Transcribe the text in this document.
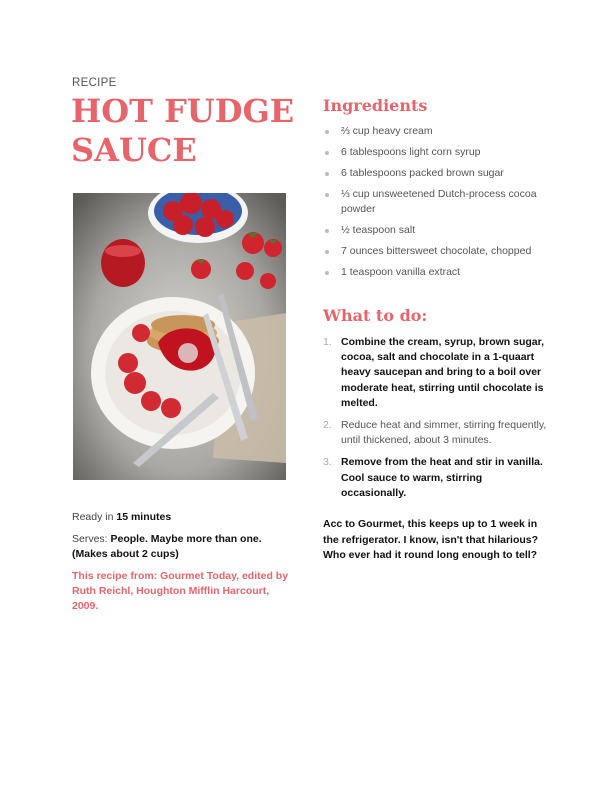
RECIPE
HOT FUDGE SAUCE
Ready in 15 minutes
Serves: People. Maybe more than one. (Makes about 2 cups)
This recipe from: Gourmet Today, edited by Ruth Reichl, Houghton Mifflin Harcourt, 2009.
Ingredients
⅔ cup heavy cream
6 tablespoons light corn syrup
6 tablespoons packed brown sugar
⅓ cup unsweetened Dutch-process cocoa powder
½ teaspoon salt
7 ounces bittersweet chocolate, chopped
1 teaspoon vanilla extract
What to do:
1. Combine the cream, syrup, brown sugar, cocoa, salt and chocolate in a 1-quaart heavy saucepan and bring to a boil over moderate heat, stirring until chocolate is melted.
2. Reduce heat and simmer, stirring frequently, until thickened, about 3 minutes.
3. Remove from the heat and stir in vanilla. Cool sauce to warm, stirring occasionally.
Acc to Gourmet, this keeps up to 1 week in the refrigerator. I know, isn't that hilarious? Who ever had it round long enough to tell?
